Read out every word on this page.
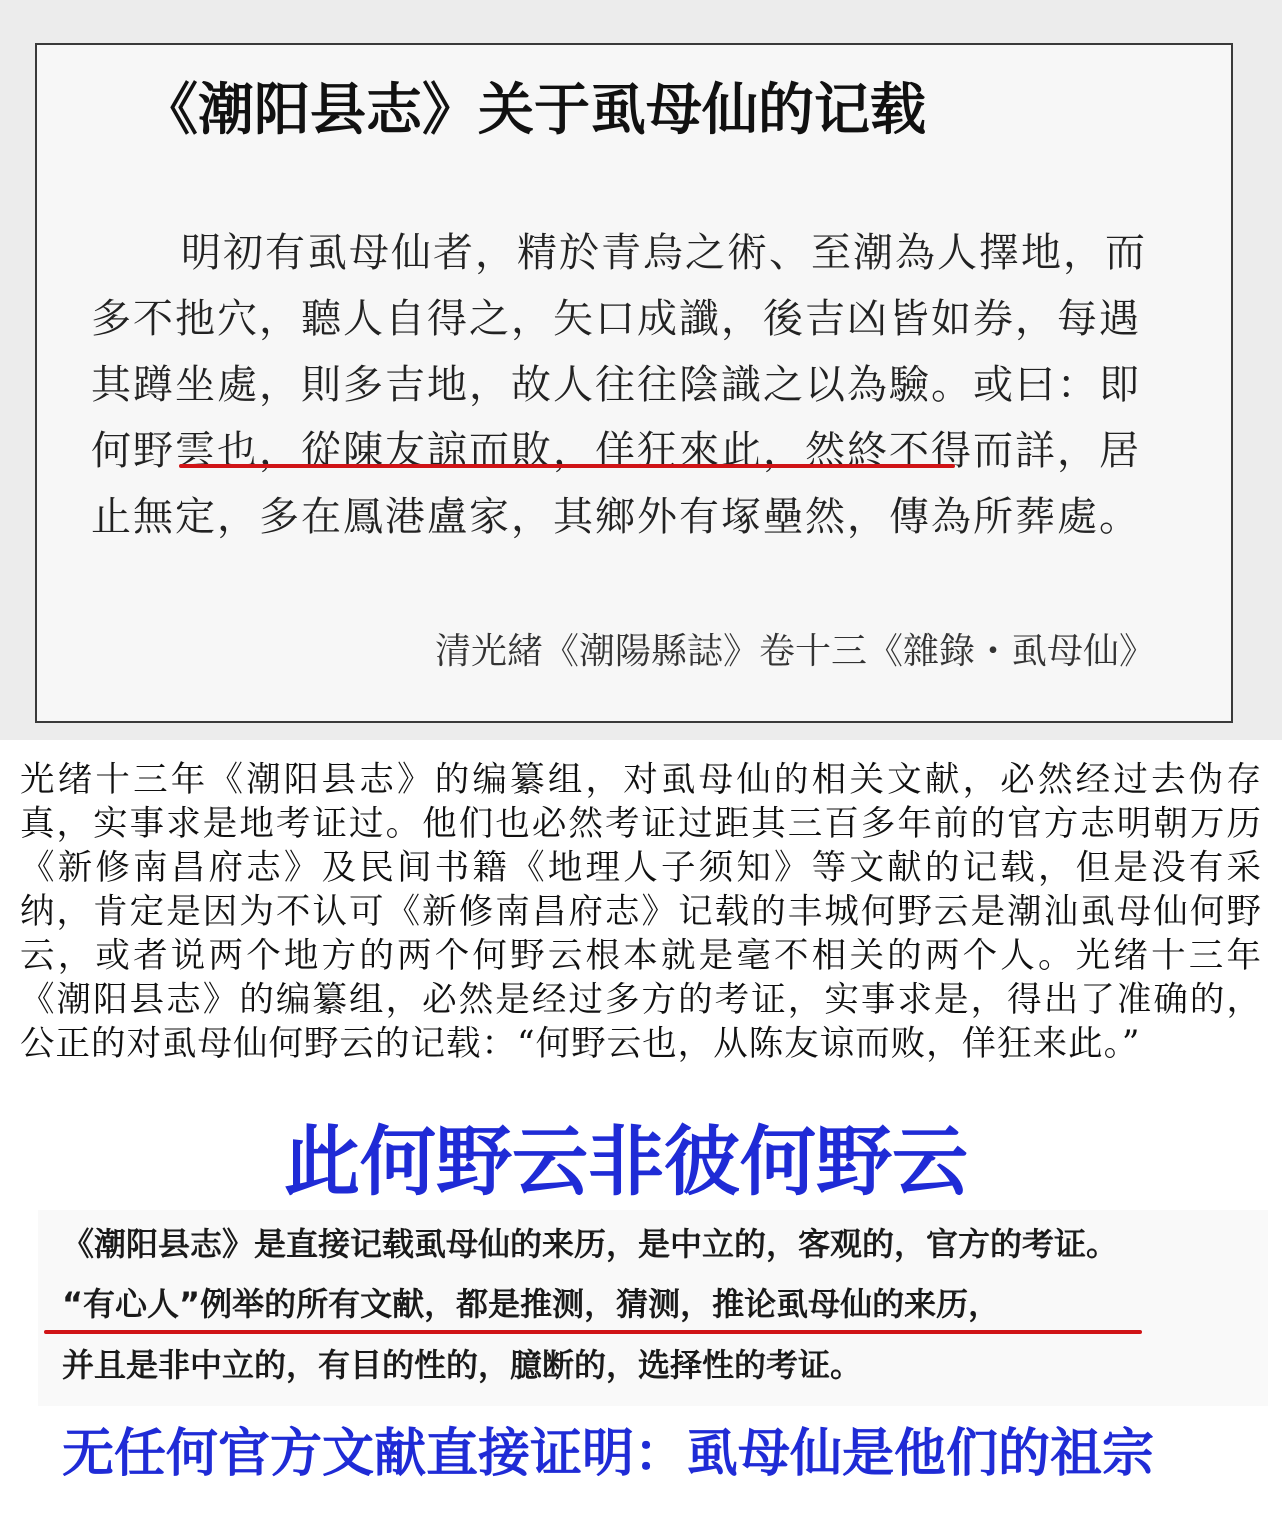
《潮阳县志》关于虱母仙的记载

明初有虱母仙者，精於青烏之術、至潮為人擇地，而多不扡穴，聽人自得之，矢口成讖，後吉凶皆如券，每遇其蹲坐處，則多吉地，故人往往陰識之以為驗。或曰：即何野雲也，從陳友諒而敗，佯狂來此，然終不得而詳，居止無定，多在鳳港盧家，其鄉外有塚壘然，傳為所葬處。

清光緒《潮陽縣誌》卷十三《雜錄・虱母仙》

光绪十三年《潮阳县志》的编纂组，对虱母仙的相关文献，必然经过去伪存真，实事求是地考证过。他们也必然考证过距其三百多年前的官方志明朝万历《新修南昌府志》及民间书籍《地理人子须知》等文献的记载，但是没有采纳，肯定是因为不认可《新修南昌府志》记载的丰城何野云是潮汕虱母仙何野云，或者说两个地方的两个何野云根本就是毫不相关的两个人。光绪十三年《潮阳县志》的编纂组，必然是经过多方的考证，实事求是，得出了准确的，公正的对虱母仙何野云的记载：“何野云也，从陈友谅而败，佯狂来此。”

此何野云非彼何野云
《潮阳县志》是直接记载虱母仙的来历，是中立的，客观的，官方的考证。
“有心人”例举的所有文献，都是推测，猜测，推论虱母仙的来历，
并且是非中立的，有目的性的，臆断的，选择性的考证。
无任何官方文献直接证明：虱母仙是他们的祖宗
